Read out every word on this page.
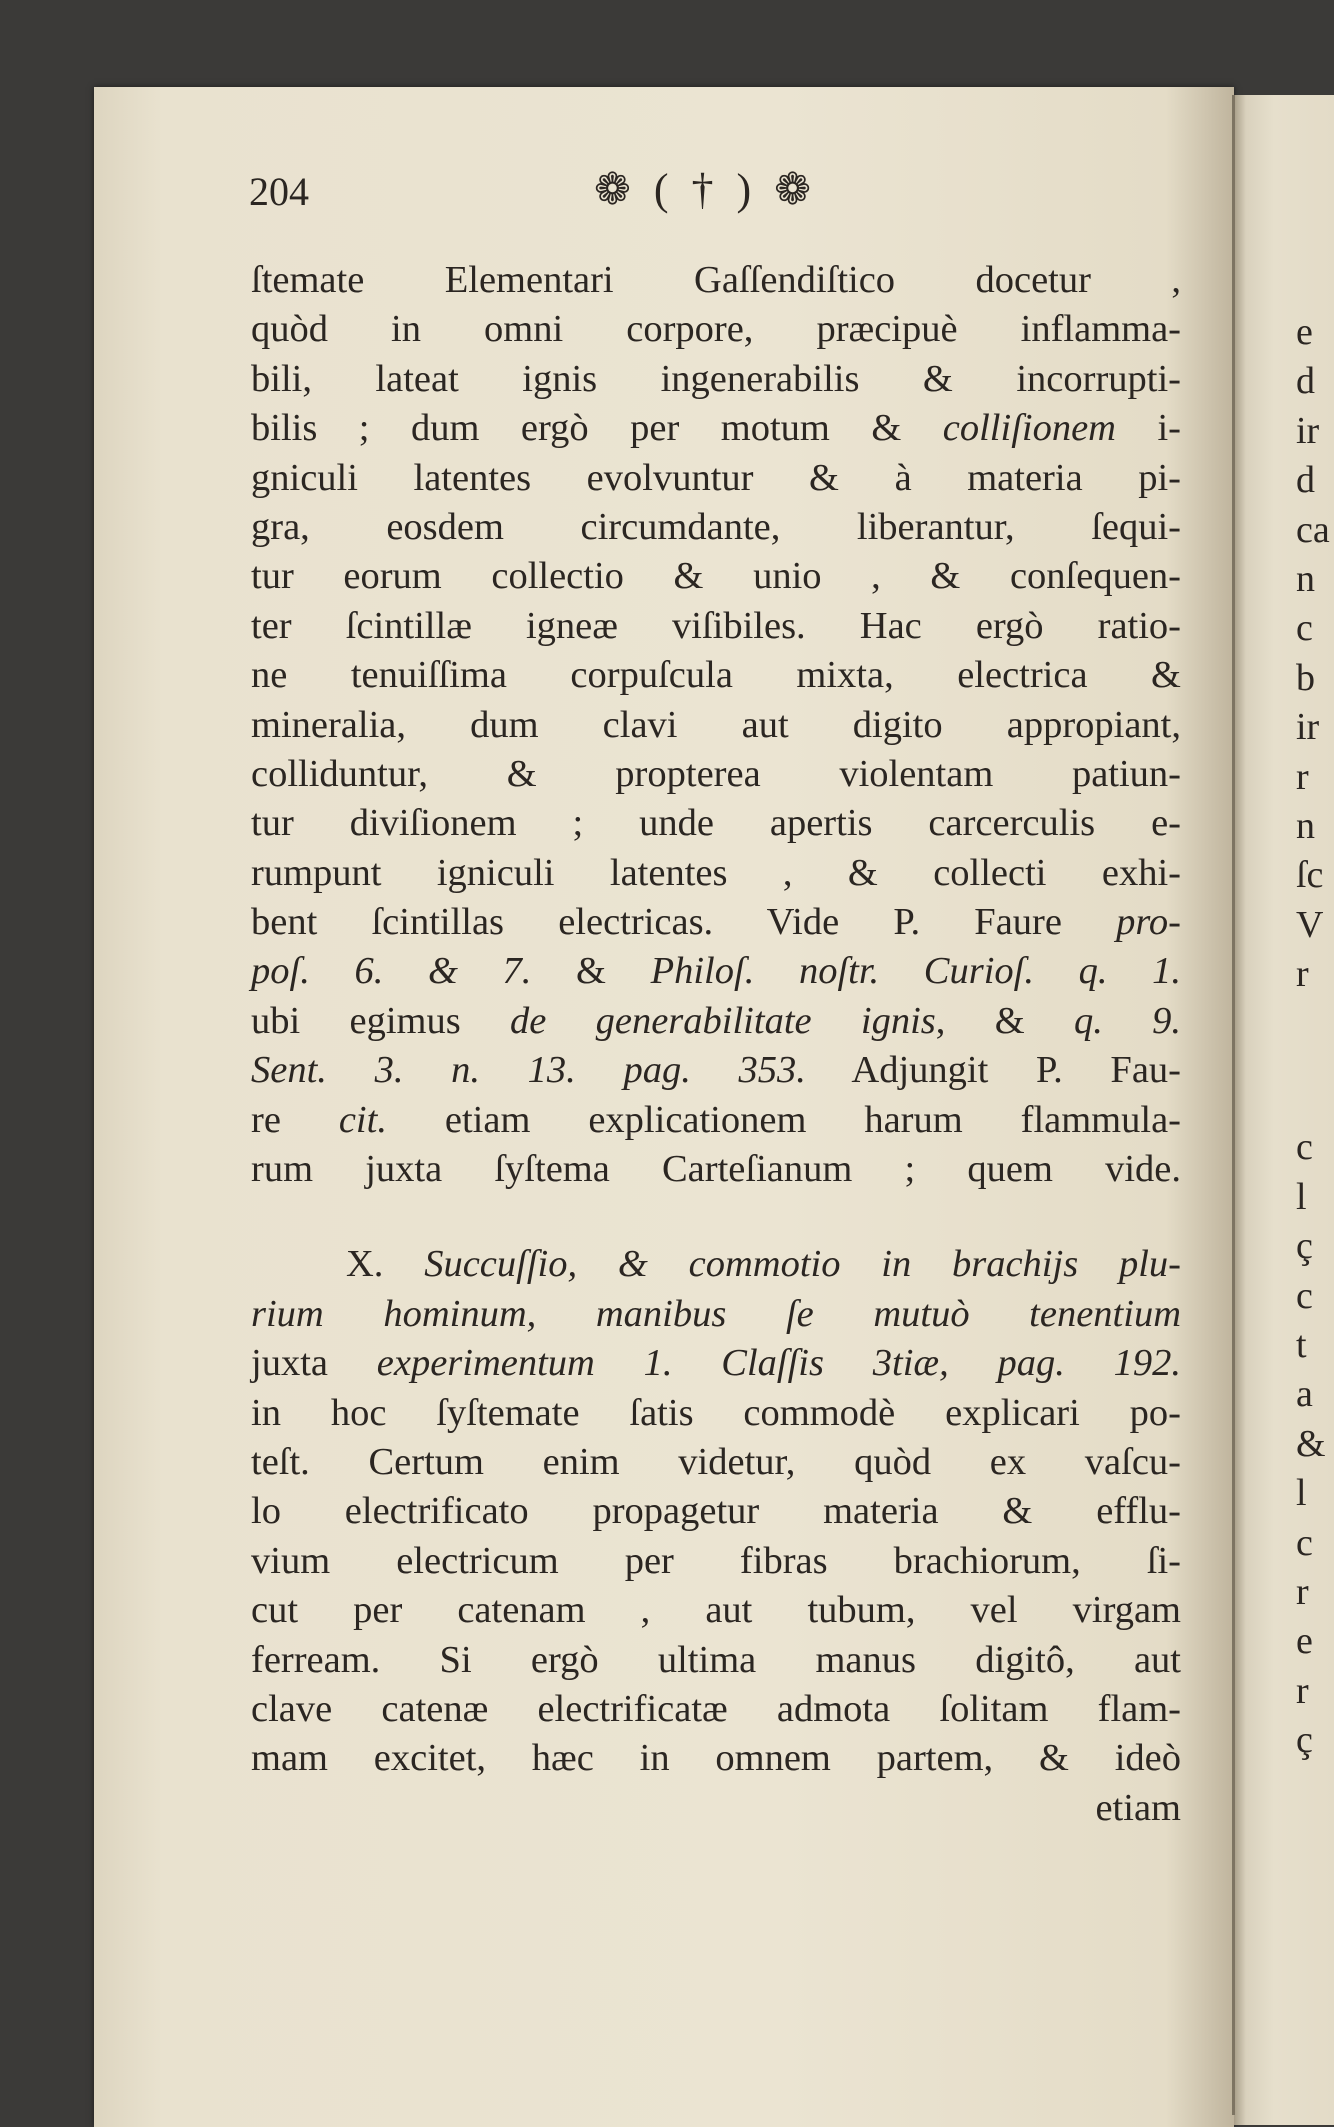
204	❁ ( † ) ❁
ſtemate Elementari Gaſſendiſtico docetur ,
quòd in omni corpore, præcipuè inflamma-
bili, lateat ignis ingenerabilis & incorrupti-
bilis ; dum ergò per motum & colliſionem i-
gniculi latentes evolvuntur & à materia pi-
gra, eosdem circumdante, liberantur, ſequi-
tur eorum collectio & unio , & conſequen-
ter ſcintillæ igneæ viſibiles. Hac ergò ratio-
ne tenuiſſima corpuſcula mixta, electrica &
mineralia, dum clavi aut digito appropiant,
colliduntur, & propterea violentam patiun-
tur diviſionem ; unde apertis carcerculis e-
rumpunt igniculi latentes , & collecti exhi-
bent ſcintillas electricas. Vide P. Faure pro-
poſ. 6. & 7. & Philoſ. noſtr. Curioſ. q. 1.
ubi egimus de generabilitate ignis, & q. 9.
Sent. 3. n. 13. pag. 353. Adjungit P. Fau-
re cit. etiam explicationem harum flammula-
rum juxta ſyſtema Carteſianum ; quem vide.
X. Succuſſio, & commotio in brachijs plu-
rium hominum, manibus ſe mutuò tenentium
juxta experimentum 1. Claſſis 3tiæ, pag. 192.
in hoc ſyſtemate ſatis commodè explicari po-
teſt. Certum enim videtur, quòd ex vaſcu-
lo electrificato propagetur materia & efflu-
vium electricum per fibras brachiorum, ſi-
cut per catenam , aut tubum, vel virgam
ferream. Si ergò ultima manus digitô, aut
clave catenæ electrificatæ admota ſolitam flam-
mam excitet, hæc in omnem partem, & ideò
etiam
e
d
ir
d
ca
n
c
b
ir
r
n
ſc
V
r
c
l
ç
c
t
a
&
l
c
r
e
r
ç
